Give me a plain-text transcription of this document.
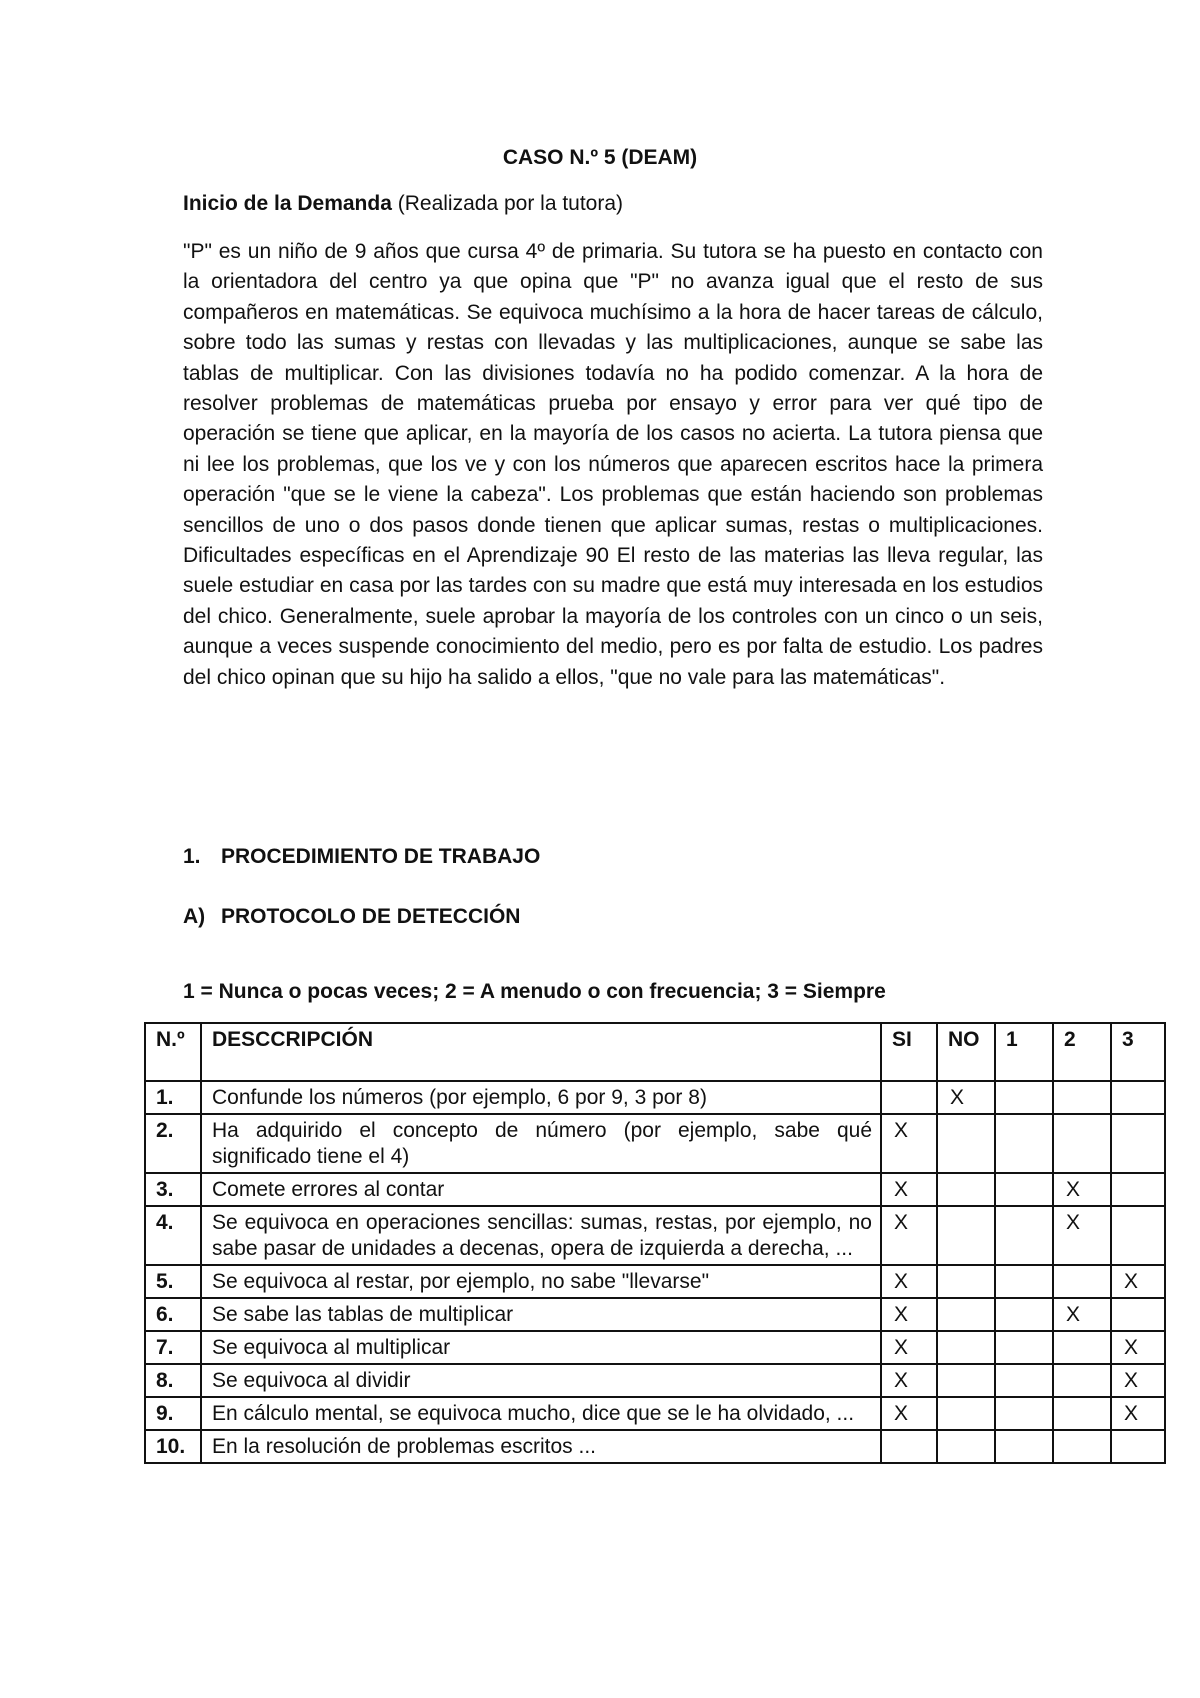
CASO N.º 5 (DEAM)
Inicio de la Demanda (Realizada por la tutora)

"P" es un niño de 9 años que cursa 4º de primaria. Su tutora se ha puesto en contacto con la orientadora del centro ya que opina que "P" no avanza igual que el resto de sus compañeros en matemáticas. Se equivoca muchísimo a la hora de hacer tareas de cálculo, sobre todo las sumas y restas con llevadas y las multiplicaciones, aunque se sabe las tablas de multiplicar. Con las divisiones todavía no ha podido comenzar. A la hora de resolver problemas de matemáticas prueba por ensayo y error para ver qué tipo de operación se tiene que aplicar, en la mayoría de los casos no acierta. La tutora piensa que ni lee los problemas, que los ve y con los números que aparecen escritos hace la primera operación "que se le viene la cabeza". Los problemas que están haciendo son problemas sencillos de uno o dos pasos donde tienen que aplicar sumas, restas o multiplicaciones. Dificultades específicas en el Aprendizaje 90 El resto de las materias las lleva regular, las suele estudiar en casa por las tardes con su madre que está muy interesada en los estudios del chico. Generalmente, suele aprobar la mayoría de los controles con un cinco o un seis, aunque a veces suspende conocimiento del medio, pero es por falta de estudio. Los padres del chico opinan que su hijo ha salido a ellos, "que no vale para las matemáticas".

1. PROCEDIMIENTO DE TRABAJO
A) PROTOCOLO DE DETECCIÓN
1 = Nunca o pocas veces; 2 = A menudo o con frecuencia; 3 = Siempre
N.º	DESCCRIPCIÓN	SI	NO	1	2	3
1.	Confunde los números (por ejemplo, 6 por 9, 3 por 8)		X			
2.	Ha adquirido el concepto de número (por ejemplo, sabe qué significado tiene el 4)	X				
3.	Comete errores al contar	X			X	
4.	Se equivoca en operaciones sencillas: sumas, restas, por ejemplo, no sabe pasar de unidades a decenas, opera de izquierda a derecha, ...	X			X	
5.	Se equivoca al restar, por ejemplo, no sabe "llevarse"	X				X
6.	Se sabe las tablas de multiplicar	X			X	
7.	Se equivoca al multiplicar	X				X
8.	Se equivoca al dividir	X				X
9.	En cálculo mental, se equivoca mucho, dice que se le ha olvidado, ...	X				X
10.	En la resolución de problemas escritos ...					
